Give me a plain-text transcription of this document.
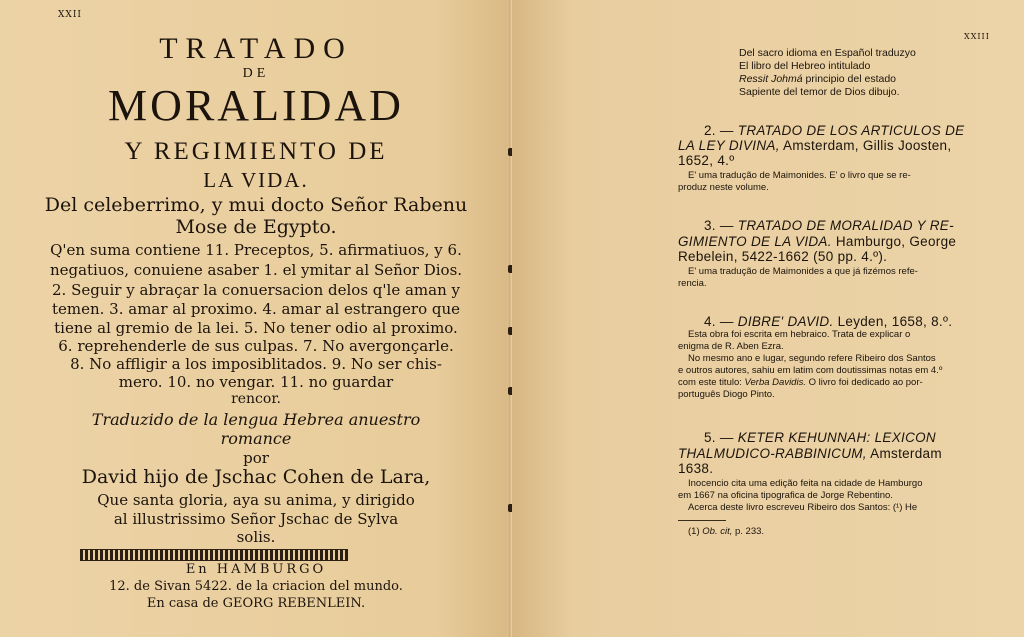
XXII
TRATADO
DE
MORALIDAD
Y REGIMIENTO DE
LA VIDA.
Del celeberrimo, y mui docto Señor Rabenu
Mose de Egypto.
Q'en suma contiene 11. Preceptos, 5. afirmatiuos, y 6.
negatiuos, conuiene asaber 1. el ymitar al Señor Dios.
2. Seguir y abraçar la conuersacion delos q'le aman y
temen. 3. amar al proximo. 4. amar al estrangero que
tiene al gremio de la lei. 5. No tener odio al proximo.
6. reprehenderle de sus culpas. 7. No avergonçarle.
8. No affligir a los imposiblitados. 9. No ser chis-
mero. 10. no vengar. 11. no guardar
rencor.
Traduzido de la lengua Hebrea anuestro
romance
por
David hijo de Jschac Cohen de Lara,
Que santa gloria, aya su anima, y dirigido
al illustrissimo Señor Jschac de Sylva
solis.
En HAMBURGO
12. de Sivan 5422. de la criacion del mundo.
En casa de GEORG REBENLEIN.
XXIII
Del sacro idioma en Español traduzyo
El libro del Hebreo intitulado
Ressit Johmá principio del estado
Sapiente del temor de Dios dibujo.
2. — TRATADO DE LOS ARTICULOS DE
LA LEY DIVINA, Amsterdam, Gillis Joosten,
1652, 4.º
E' uma tradução de Maimonides. E' o livro que se re-
produz neste volume.
3. — TRATADO DE MORALIDAD Y RE-
GIMIENTO DE LA VIDA. Hamburgo, George
Rebelein, 5422-1662 (50 pp. 4.º).
E' uma tradução de Maimonides a que já fizémos refe-
rencia.
4. — DIBRE' DAVID. Leyden, 1658, 8.º.
Esta obra foi escrita em hebraico. Trata de explicar o
enigma de R. Aben Ezra.
No mesmo ano e lugar, segundo refere Ribeiro dos Santos
e outros autores, sahiu em latim com doutissimas notas em 4.º
com este titulo: Verba Davidis. O livro foi dedicado ao por-
português Diogo Pinto.
5. — KETER KEHUNNAH: LEXICON
THALMUDICO-RABBINICUM, Amsterdam
1638.
Inocencio cita uma edição feita na cidade de Hamburgo
em 1667 na oficina tipografica de Jorge Rebentino.
Acerca deste livro escreveu Ribeiro dos Santos: (¹) He
(1) Ob. cit, p. 233.
